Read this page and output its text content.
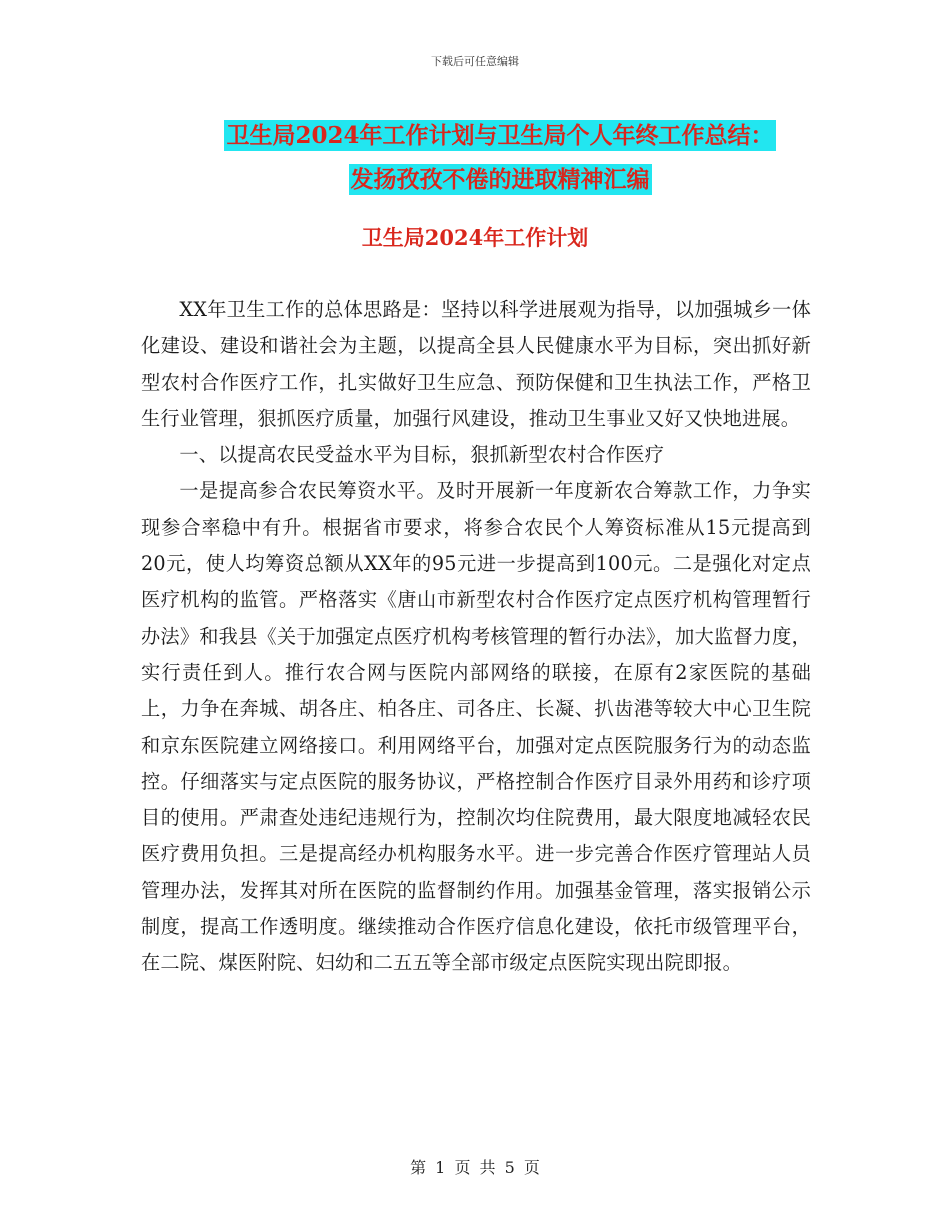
下载后可任意编辑
卫生局2024年工作计划与卫生局个人年终工作总结：
发扬孜孜不倦的进取精神汇编
卫生局2024年工作计划

XX年卫生工作的总体思路是：坚持以科学进展观为指导，以加强城乡一体化建设、建设和谐社会为主题，以提高全县人民健康水平为目标，突出抓好新型农村合作医疗工作，扎实做好卫生应急、预防保健和卫生执法工作，严格卫生行业管理，狠抓医疗质量，加强行风建设，推动卫生事业又好又快地进展。

一、以提高农民受益水平为目标，狠抓新型农村合作医疗

一是提高参合农民筹资水平。及时开展新一年度新农合筹款工作，力争实现参合率稳中有升。根据省市要求，将参合农民个人筹资标准从15元提高到20元，使人均筹资总额从XX年的95元进一步提高到100元。二是强化对定点医疗机构的监管。严格落实《唐山市新型农村合作医疗定点医疗机构管理暂行办法》和我县《关于加强定点医疗机构考核管理的暂行办法》，加大监督力度，实行责任到人。推行农合网与医院内部网络的联接，在原有2家医院的基础上，力争在奔城、胡各庄、柏各庄、司各庄、长凝、扒齿港等较大中心卫生院和京东医院建立网络接口。利用网络平台，加强对定点医院服务行为的动态监控。仔细落实与定点医院的服务协议，严格控制合作医疗目录外用药和诊疗项目的使用。严肃查处违纪违规行为，控制次均住院费用，最大限度地减轻农民医疗费用负担。三是提高经办机构服务水平。进一步完善合作医疗管理站人员管理办法，发挥其对所在医院的监督制约作用。加强基金管理，落实报销公示制度，提高工作透明度。继续推动合作医疗信息化建设，依托市级管理平台，在二院、煤医附院、妇幼和二五五等全部市级定点医院实现出院即报。

第 1 页 共 5 页
